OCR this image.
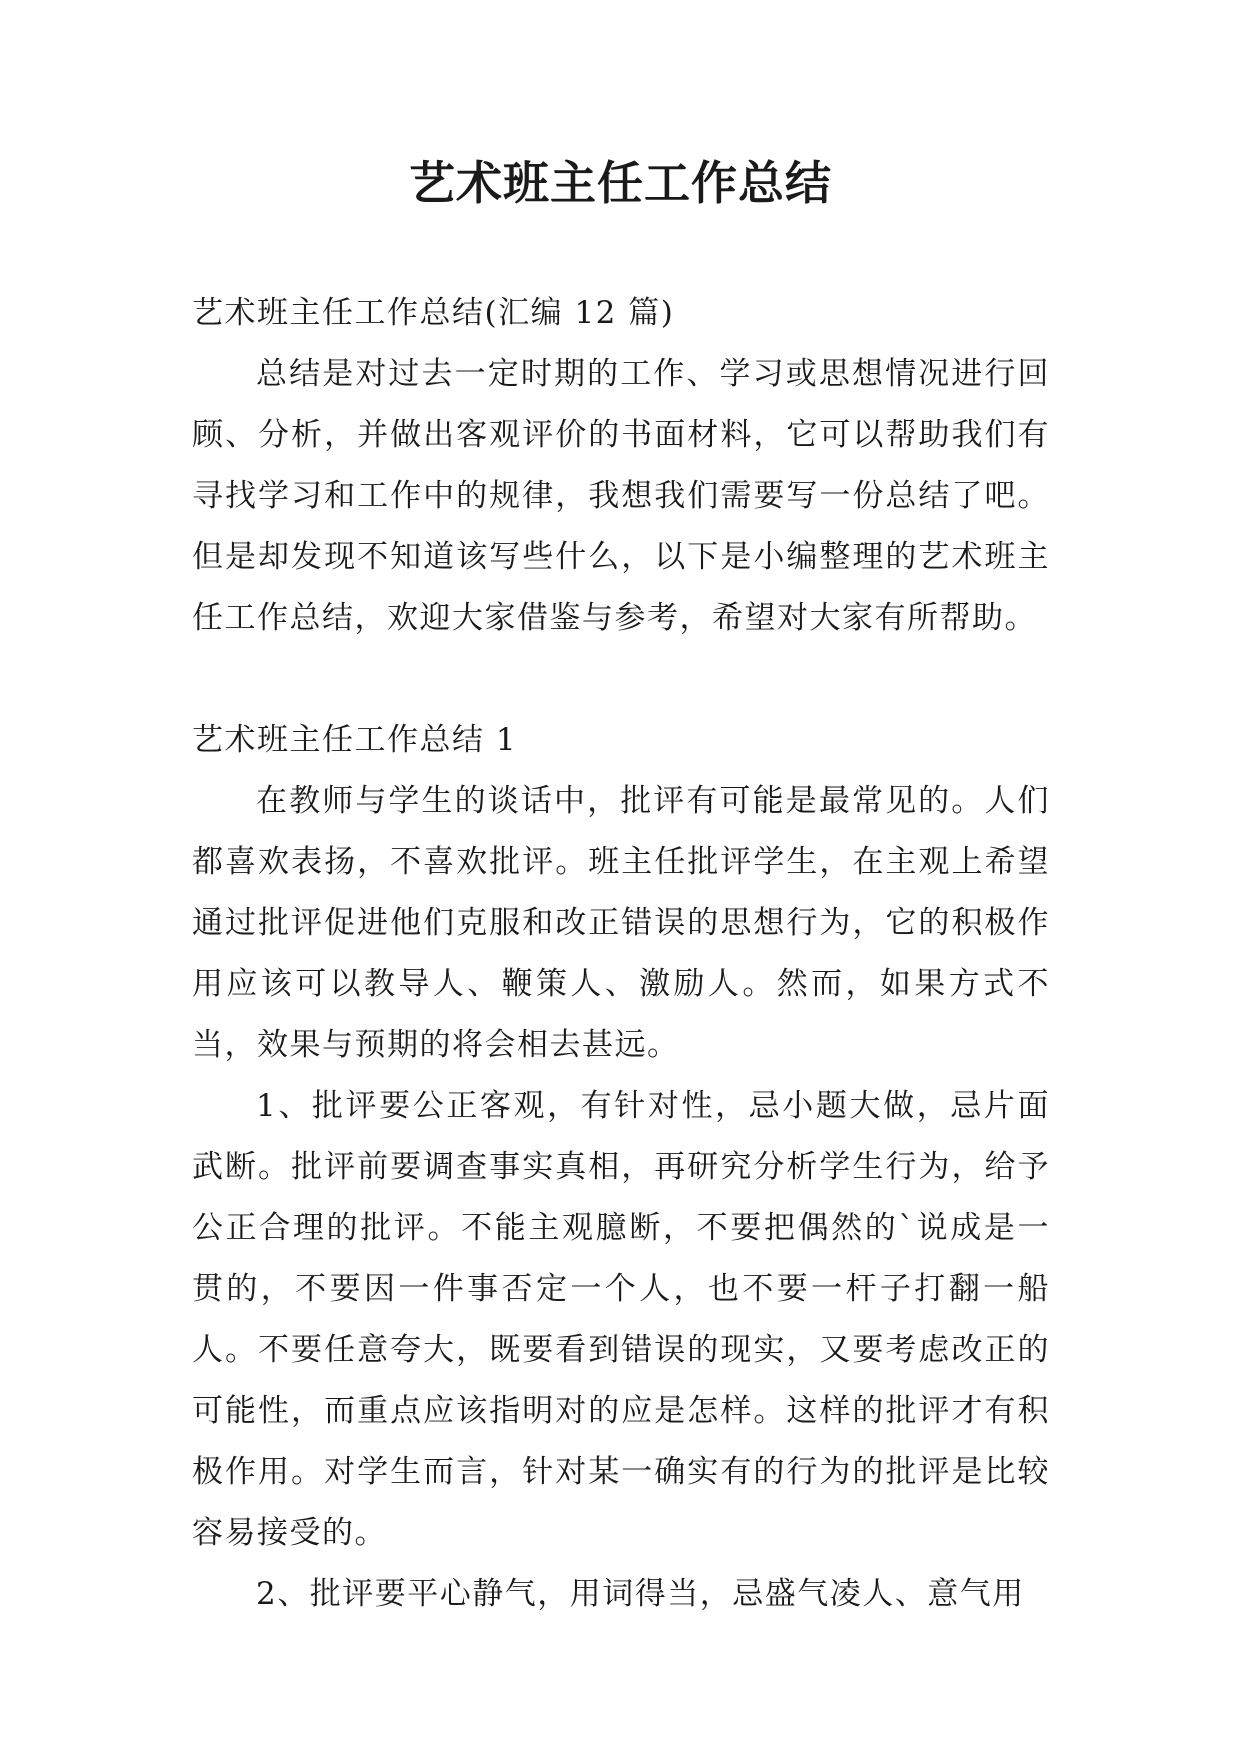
艺术班主任工作总结

艺术班主任工作总结(汇编 12 篇)

总结是对过去一定时期的工作、学习或思想情况进行回顾、分析，并做出客观评价的书面材料，它可以帮助我们有寻找学习和工作中的规律，我想我们需要写一份总结了吧。但是却发现不知道该写些什么，以下是小编整理的艺术班主任工作总结，欢迎大家借鉴与参考，希望对大家有所帮助。

艺术班主任工作总结 1

在教师与学生的谈话中，批评有可能是最常见的。人们都喜欢表扬，不喜欢批评。班主任批评学生，在主观上希望通过批评促进他们克服和改正错误的思想行为，它的积极作用应该可以教导人、鞭策人、激励人。然而，如果方式不当，效果与预期的将会相去甚远。

1、批评要公正客观，有针对性，忌小题大做，忌片面武断。批评前要调查事实真相，再研究分析学生行为，给予公正合理的批评。不能主观臆断，不要把偶然的`说成是一贯的，不要因一件事否定一个人，也不要一杆子打翻一船人。不要任意夸大，既要看到错误的现实，又要考虑改正的可能性，而重点应该指明对的应是怎样。这样的批评才有积极作用。对学生而言，针对某一确实有的行为的批评是比较容易接受的。

2、批评要平心静气，用词得当，忌盛气凌人、意气用
